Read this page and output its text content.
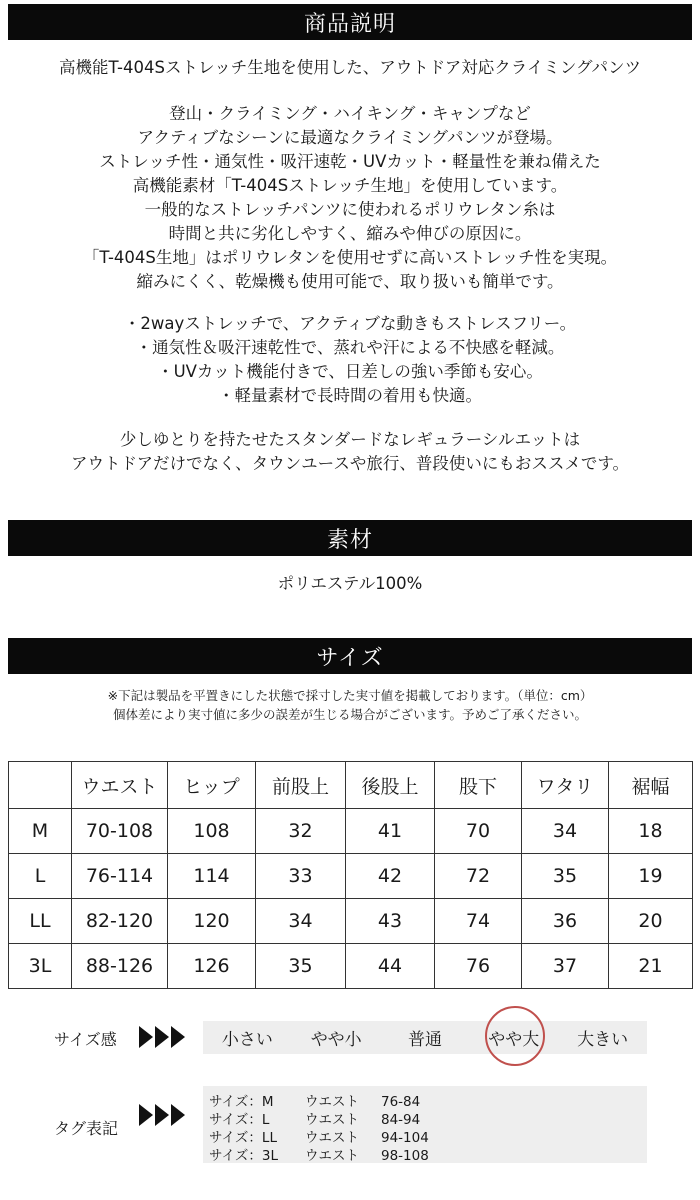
商品説明
高機能T-404Sストレッチ生地を使用した、アウトドア対応クライミングパンツ
登山・クライミング・ハイキング・キャンプなど
アクティブなシーンに最適なクライミングパンツが登場。
ストレッチ性・通気性・吸汗速乾・UVカット・軽量性を兼ね備えた
高機能素材「T-404Sストレッチ生地」を使用しています。
一般的なストレッチパンツに使われるポリウレタン糸は
時間と共に劣化しやすく、縮みや伸びの原因に。
「T-404S生地」はポリウレタンを使用せずに高いストレッチ性を実現。
縮みにくく、乾燥機も使用可能で、取り扱いも簡単です。
・2wayストレッチで、アクティブな動きもストレスフリー。
・通気性＆吸汗速乾性で、蒸れや汗による不快感を軽減。
・UVカット機能付きで、日差しの強い季節も安心。
・軽量素材で長時間の着用も快適。
少しゆとりを持たせたスタンダードなレギュラーシルエットは
アウトドアだけでなく、タウンユースや旅行、普段使いにもおススメです。
素材
ポリエステル100%
サイズ
※下記は製品を平置きにした状態で採寸した実寸値を掲載しております。（単位：cm）
個体差により実寸値に多少の誤差が生じる場合がございます。予めご了承ください。
	ウエスト	ヒップ	前股上	後股上	股下	ワタリ	裾幅
M	70-108	108	32	41	70	34	18
L	76-114	114	33	42	72	35	19
LL	82-120	120	34	43	74	36	20
3L	88-126	126	35	44	76	37	21
サイズ感	小さい	やや小	普通	やや大	大きい
タグ表記
サイズ：M ウエスト 76-84
サイズ：L	ウエスト 84-94
サイズ：LL ウエスト 94-104
サイズ：3L ウエスト 98-108
